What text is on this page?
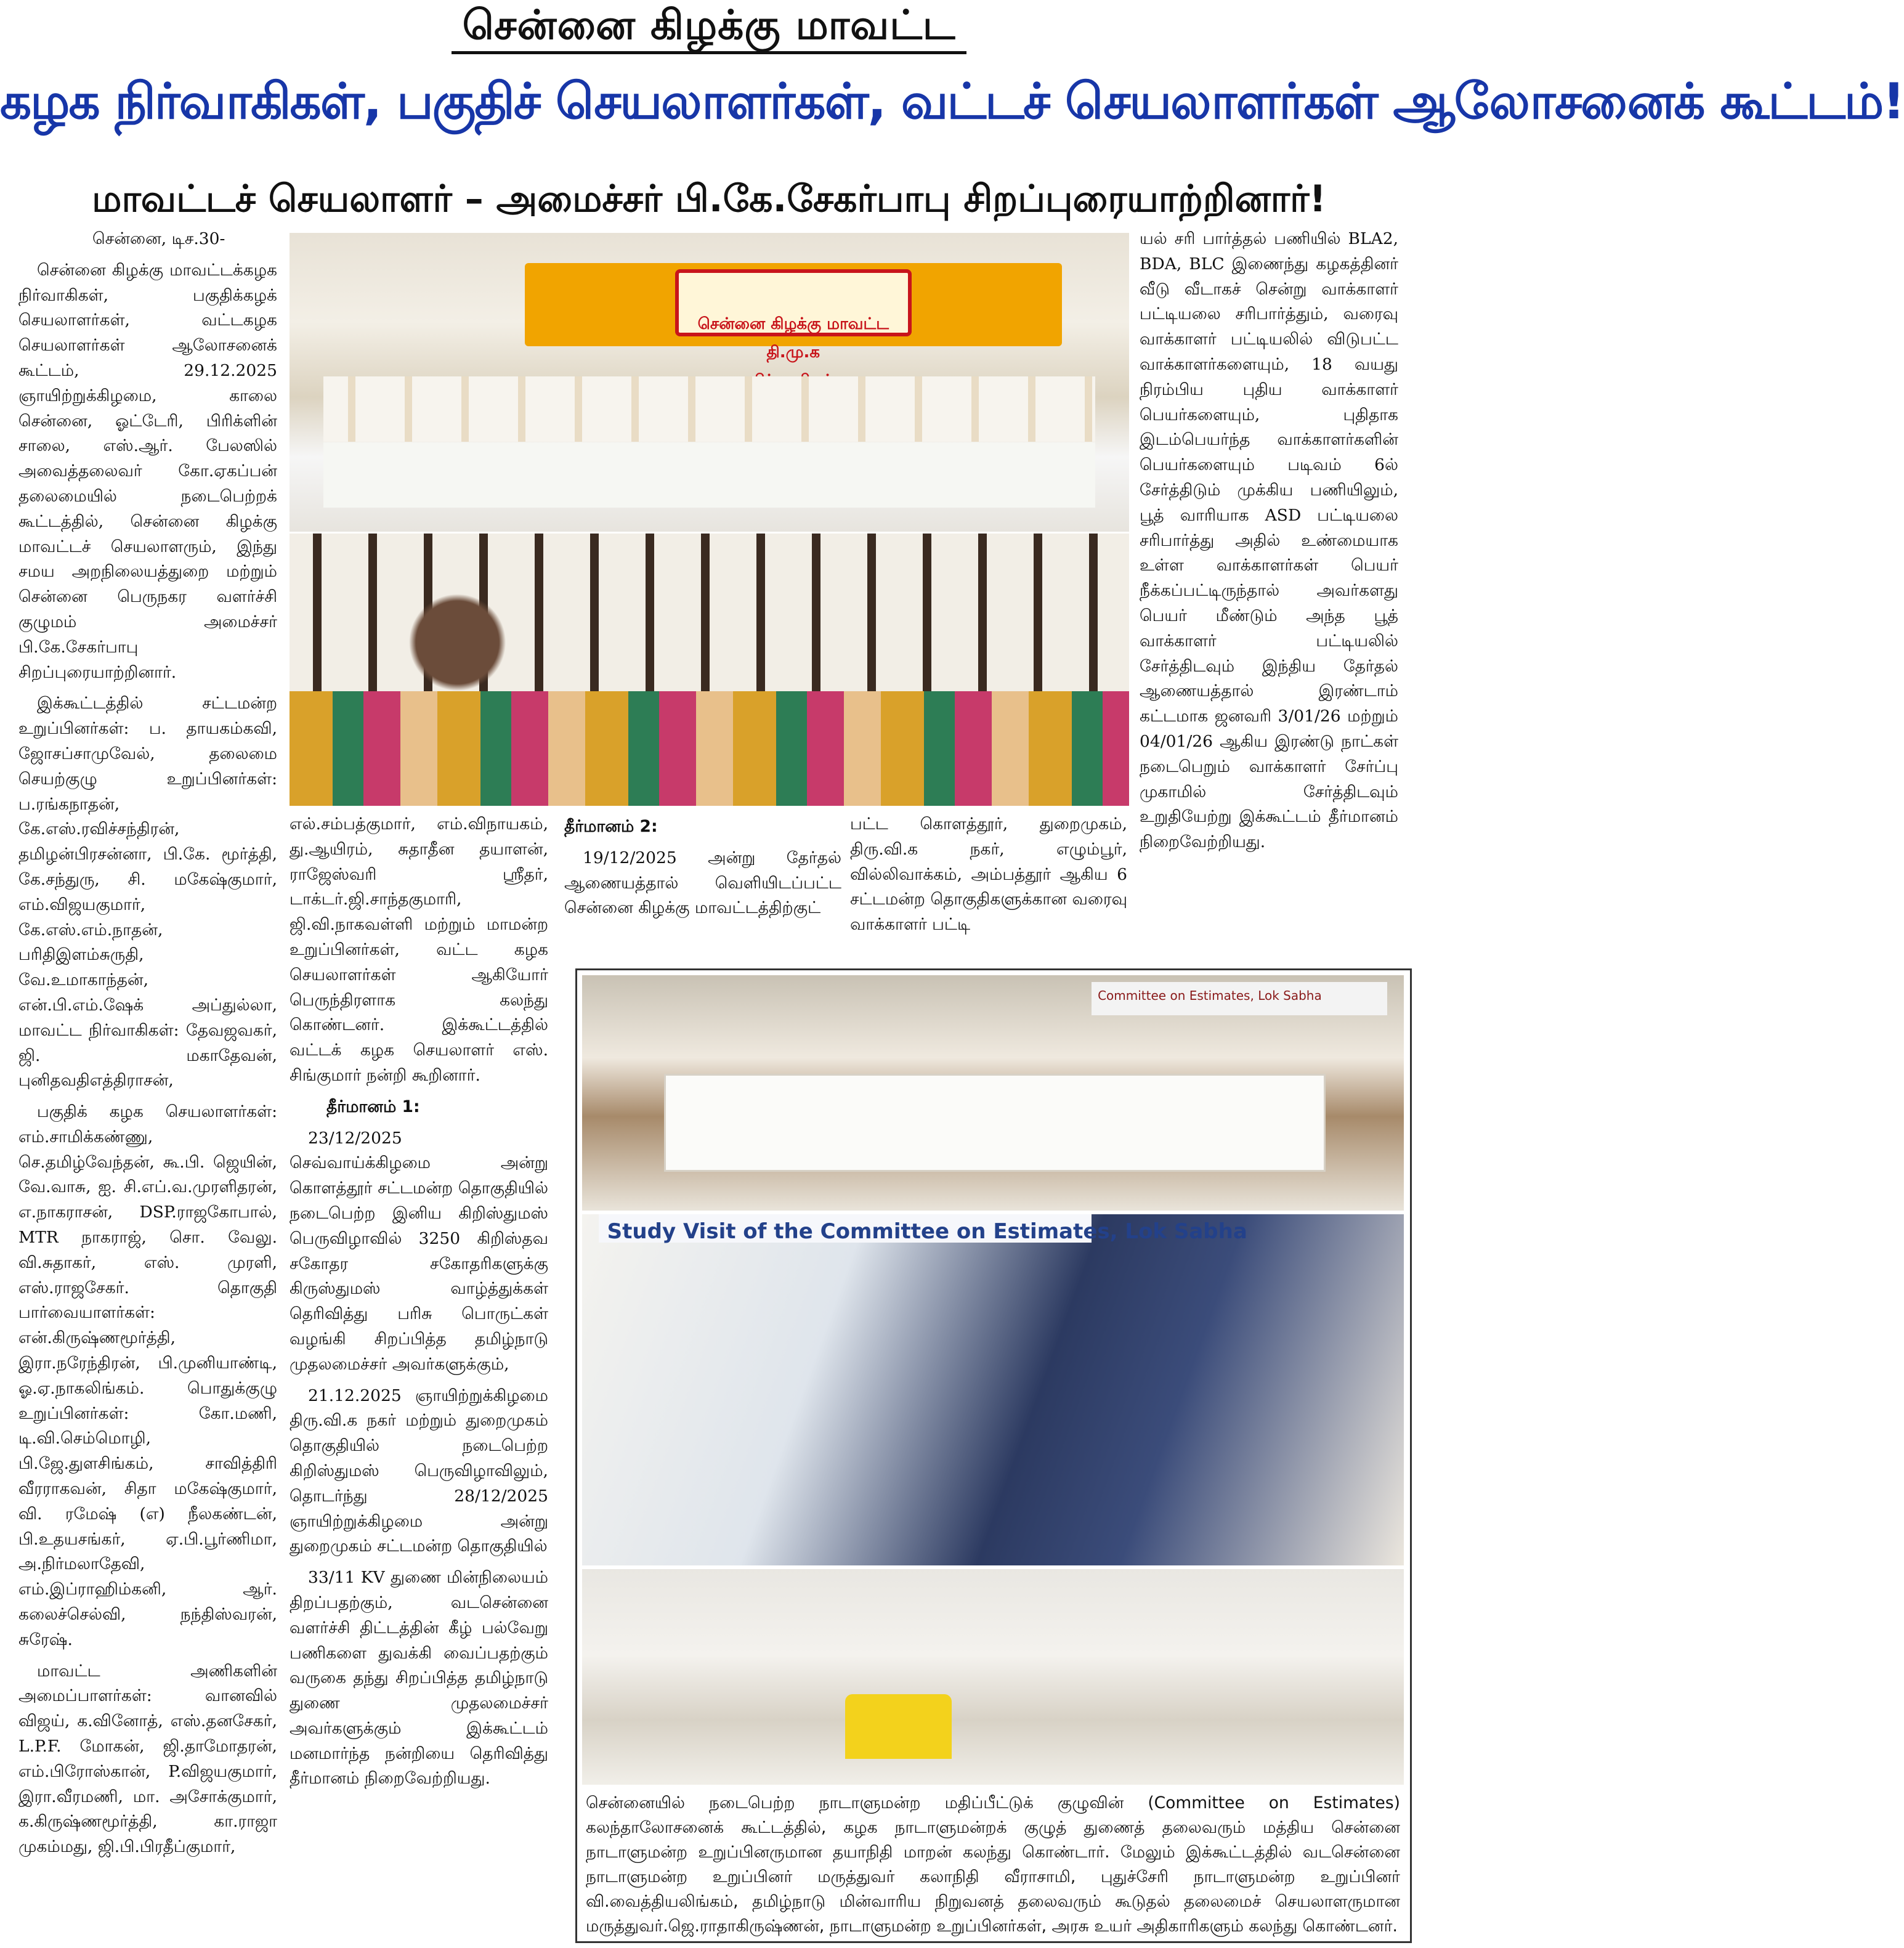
சென்னை கிழக்கு மாவட்ட
கழக நிர்வாகிகள், பகுதிச் செயலாளர்கள், வட்டச் செயலாளர்கள் ஆலோசனைக் கூட்டம்!
மாவட்டச் செயலாளர் – அமைச்சர் பி.கே.சேகர்பாபு சிறப்புரையாற்றினார்!

சென்னை, டிச.30-

சென்னை கிழக்கு மாவட்டக்கழக நிர்வாகிகள், பகுதிக்கழக் செயலாளர்கள், வட்டகழக செயலாளர்கள் ஆலோசனைக் கூட்டம், 29.12.2025 ஞாயிற்றுக்கிழமை, காலை சென்னை, ஓட்டேரி, பிரிக்ளின் சாலை, எஸ்.ஆர். பேலஸில் அவைத்தலைவர் கோ.ஏகப்பன் தலைமையில் நடைபெற்றக் கூட்டத்தில், சென்னை கிழக்கு மாவட்டச் செயலாளரும், இந்து சமய அறநிலையத்துறை மற்றும் சென்னை பெருநகர வளர்ச்சி குழுமம் அமைச்சர் பி.கே.சேகர்பாபு சிறப்புரையாற்றினார்.

இக்கூட்டத்தில் சட்டமன்ற உறுப்பினர்கள்: ப. தாயகம்கவி, ஜோசப்சாமுவேல், தலைமை செயற்குழு உறுப்பினர்கள்: ப.ரங்கநாதன், கே.எஸ்.ரவிச்சந்திரன், தமிழன்பிரசன்னா, பி.கே. மூர்த்தி, கே.சந்துரு, சி. மகேஷ்குமார், எம்.விஜயகுமார், கே.எஸ்.எம்.நாதன், பரிதிஇளம்சுருதி, வே.உமாகாந்தன், என்.பி.எம்.ஷேக் அப்துல்லா, மாவட்ட நிர்வாகிகள்: தேவஜவகர், ஜி. மகாதேவன், புனிதவதிஎத்திராசன்,

பகுதிக் கழக செயலாளர்கள்: எம்.சாமிக்கண்ணு, செ.தமிழ்வேந்தன், கூ.பி. ஜெயின், வே.வாசு, ஐ. சி.எப்.வ.முரளிதரன், எ.நாகராசன், DSP.ராஜகோபால், MTR நாகராஜ், சொ. வேலு. வி.சுதாகர், எஸ். முரளி, எஸ்.ராஜசேகர். தொகுதி பார்வையாளர்கள்: என்.கிருஷ்ணமூர்த்தி, இரா.நரேந்திரன், பி.முனியாண்டி, ஓ.ஏ.நாகலிங்கம். பொதுக்குழு உறுப்பினர்கள்: கோ.மணி, டி.வி.செம்மொழி, பி.ஜே.துளசிங்கம், சாவித்திரி வீரராகவன், சிதா மகேஷ்குமார், வி. ரமேஷ் (எ) நீலகண்டன், பி.உதயசங்கர், ஏ.பி.பூர்ணிமா, அ.நிர்மலாதேவி, எம்.இப்ராஹிம்கனி, ஆர். கலைச்செல்வி, நந்திஸ்வரன், சுரேஷ்.

மாவட்ட அணிகளின் அமைப்பாளர்கள்: வானவில் விஜய், க.வினோத், எஸ்.தனசேகர், L.P.F. மோகன், ஜி.தாமோதரன், எம்.பிரோஸ்கான், P.விஜயகுமார், இரா.வீரமணி, மா. அசோக்குமார், க.கிருஷ்ணமூர்த்தி, கா.ராஜா முகம்மது, ஜி.பி.பிரதீப்குமார்,

சென்னை கிழக்கு மாவட்ட தி.மு.க

எல்.சம்பத்குமார், எம்.விநாயகம், து.ஆயிரம், சுதாதீன தயாளன், ராஜேஸ்வரி ஸ்ரீதர், டாக்டர்.ஜி.சாந்தகுமாரி, ஜி.வி.நாகவள்ளி மற்றும் மாமன்ற உறுப்பினர்கள், வட்ட கழக செயலாளர்கள் ஆகியோர் பெருந்திரளாக கலந்து கொண்டனர். இக்கூட்டத்தில் வட்டக் கழக செயலாளர் எஸ். சிங்குமார் நன்றி கூறினார்.

தீர்மானம் 1:

23/12/2025 செவ்வாய்க்கிழமை அன்று கொளத்தூர் சட்டமன்ற தொகுதியில் நடைபெற்ற இனிய கிறிஸ்துமஸ் பெருவிழாவில் 3250 கிறிஸ்தவ சகோதர சகோதரிகளுக்கு கிருஸ்துமஸ் வாழ்த்துக்கள் தெரிவித்து பரிசு பொருட்கள் வழங்கி சிறப்பித்த தமிழ்நாடு முதலமைச்சர் அவர்களுக்கும்,

21.12.2025 ஞாயிற்றுக்கிழமை திரு.வி.க நகர் மற்றும் துறைமுகம் தொகுதியில் நடைபெற்ற கிறிஸ்துமஸ் பெருவிழாவிலும், தொடர்ந்து 28/12/2025 ஞாயிற்றுக்கிழமை அன்று துறைமுகம் சட்டமன்ற தொகுதியில்

33/11 KV துணை மின்நிலையம் திறப்பதற்கும், வடசென்னை வளர்ச்சி திட்டத்தின் கீழ் பல்வேறு பணிகளை துவக்கி வைப்பதற்கும் வருகை தந்து சிறப்பித்த தமிழ்நாடு துணை முதலமைச்சர் அவர்களுக்கும் இக்கூட்டம் மனமார்ந்த நன்றியை தெரிவித்து தீர்மானம் நிறைவேற்றியது.

தீர்மானம் 2:

19/12/2025 அன்று தேர்தல் ஆணையத்தால் வெளியிடப்பட்ட சென்னை கிழக்கு மாவட்டத்திற்குட்

பட்ட கொளத்தூர், துறைமுகம், திரு.வி.க நகர், எழும்பூர், வில்லிவாக்கம், அம்பத்தூர் ஆகிய 6 சட்டமன்ற தொகுதிகளுக்கான வரைவு வாக்காளர் பட்டி

யல் சரி பார்த்தல் பணியில் BLA2, BDA, BLC இணைந்து கழகத்தினர் வீடு வீடாகச் சென்று வாக்காளர் பட்டியலை சரிபார்த்தும், வரைவு வாக்காளர் பட்டியலில் விடுபட்ட வாக்காளர்களையும், 18 வயது நிரம்பிய புதிய வாக்காளர் பெயர்களையும், புதிதாக இடம்பெயர்ந்த வாக்காளர்களின் பெயர்களையும் படிவம் 6ல் சேர்த்திடும் முக்கிய பணியிலும், பூத் வாரியாக ASD பட்டியலை சரிபார்த்து அதில் உண்மையாக உள்ள வாக்காளர்கள் பெயர் நீக்கப்பட்டிருந்தால் அவர்களது பெயர் மீண்டும் அந்த பூத் வாக்காளர் பட்டியலில் சேர்த்திடவும் இந்திய தேர்தல் ஆணையத்தால் இரண்டாம் கட்டமாக ஜனவரி 3/01/26 மற்றும் 04/01/26 ஆகிய இரண்டு நாட்கள் நடைபெறும் வாக்காளர் சேர்ப்பு முகாமில் சேர்த்திடவும் உறுதியேற்று இக்கூட்டம் தீர்மானம் நிறைவேற்றியது.

Committee on Estimates, Lok Sabha
Study Visit of the Committee on Estimates, Lok Sabha
சென்னையில் நடைபெற்ற நாடாளுமன்ற மதிப்பீட்டுக் குழுவின் (Committee on Estimates) கலந்தாலோசனைக் கூட்டத்தில், கழக நாடாளுமன்றக் குழுத் துணைத் தலைவரும் மத்திய சென்னை நாடாளுமன்ற உறுப்பினருமான தயாநிதி மாறன் கலந்து கொண்டார். மேலும் இக்கூட்டத்தில் வடசென்னை நாடாளுமன்ற உறுப்பினர் மருத்துவர் கலாநிதி வீராசாமி, புதுச்சேரி நாடாளுமன்ற உறுப்பினர் வி.வைத்தியலிங்கம், தமிழ்நாடு மின்வாரிய நிறுவனத் தலைவரும் கூடுதல் தலைமைச் செயலாளருமான மருத்துவர்.ஜெ.ராதாகிருஷ்ணன், நாடாளுமன்ற உறுப்பினர்கள், அரசு உயர் அதிகாரிகளும் கலந்து கொண்டனர்.
